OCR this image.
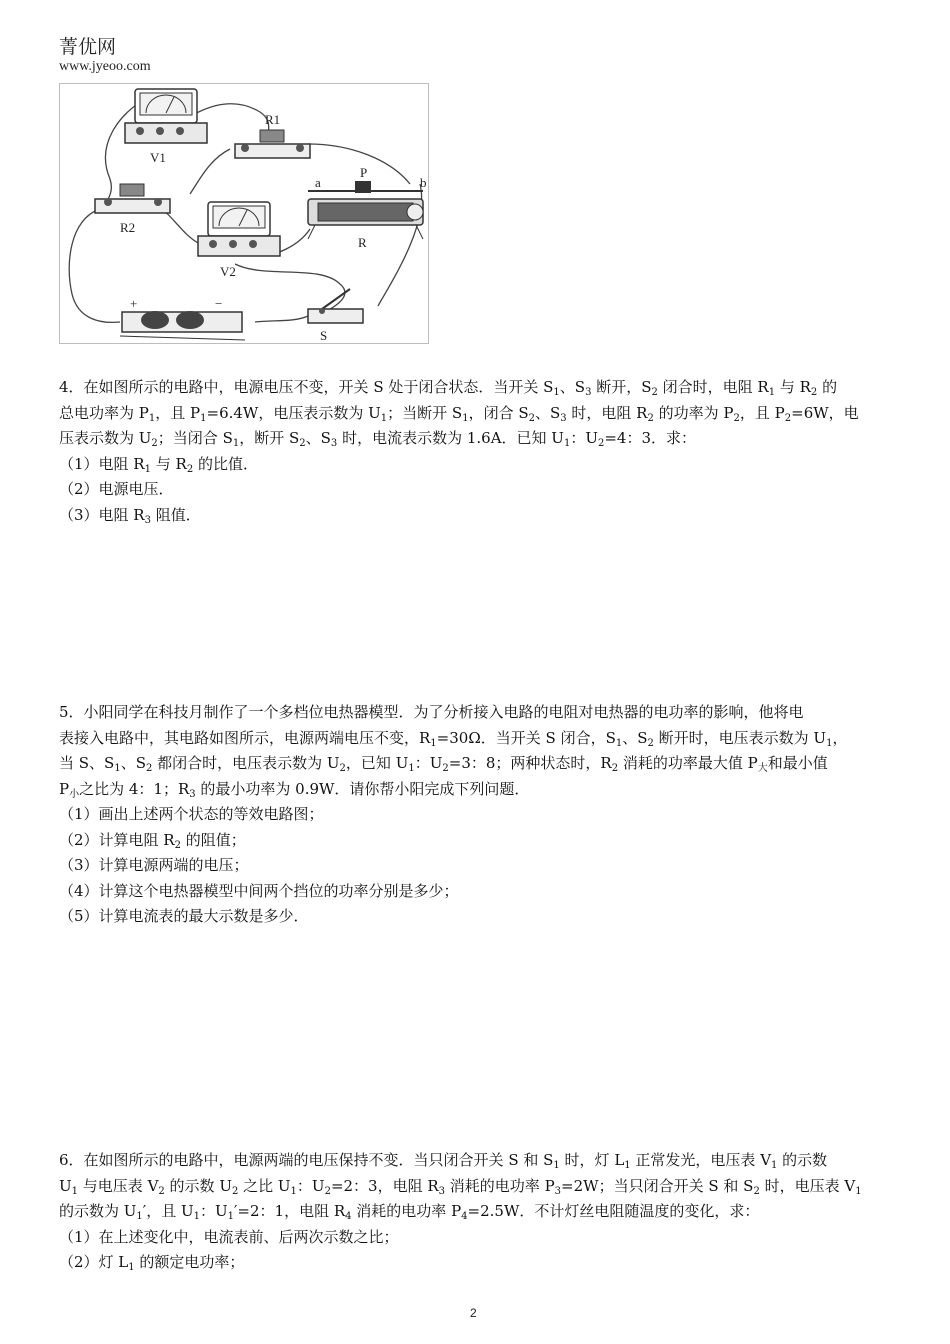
菁优网
www.jyeoo.com
V1
R1
R2
V2
R
S
a	b
P
+	−

4．在如图所示的电路中，电源电压不变，开关 S 处于闭合状态．当开关 $S_1$、$S_3$ 断开，$S_2$ 闭合时，电阻 $R_1$ 与 $R_2$ 的

总电功率为 $P_1$，且 $P_1=6.4W$，电压表示数为 $U_1$；当断开 $S_1$，闭合 $S_2$、$S_3$ 时，电阻 $R_2$ 的功率为 $P_2$，且 $P_2=6W$，电

压表示数为 $U_2$；当闭合 $S_1$，断开 $S_2$、$S_3$ 时，电流表示数为 1.6A．已知 $U_1$：$U_2=4$：3．求：

（1）电阻 $R_1$ 与 $R_2$ 的比值．

（2）电源电压．

（3）电阻 $R_3$ 阻值．

5．小阳同学在科技月制作了一个多档位电热器模型．为了分析接入电路的电阻对电热器的电功率的影响，他将电

表接入电路中，其电路如图所示，电源两端电压不变，$R_1=30\Omega$．当开关 S 闭合，$S_1$、$S_2$ 断开时，电压表示数为 $U_1$，

当 S、$S_1$、$S_2$ 都闭合时，电压表示数为 $U_2$，已知 $U_1$：$U_2=3$：8；两种状态时，$R_2$ 消耗的功率最大值 $P_大$和最小值

$P_小$之比为 4：1；$R_3$ 的最小功率为 0.9W．请你帮小阳完成下列问题．

（1）画出上述两个状态的等效电路图；

（2）计算电阻 $R_2$ 的阻值；

（3）计算电源两端的电压；

（4）计算这个电热器模型中间两个挡位的功率分别是多少；

（5）计算电流表的最大示数是多少．

6．在如图所示的电路中，电源两端的电压保持不变．当只闭合开关 S 和 $S_1$ 时，灯 $L_1$ 正常发光，电压表 $V_1$ 的示数

$U_1$ 与电压表 $V_2$ 的示数 $U_2$ 之比 $U_1$：$U_2=2$：3，电阻 $R_3$ 消耗的电功率 $P_3=2W$；当只闭合开关 S 和 $S_2$ 时，电压表 $V_1$

的示数为 $U_1'$，且 $U_1$：$U_1'=2$：1，电阻 $R_4$ 消耗的电功率 $P_4=2.5W$．不计灯丝电阻随温度的变化，求：

（1）在上述变化中，电流表前、后两次示数之比；

（2）灯 $L_1$ 的额定电功率；

2
